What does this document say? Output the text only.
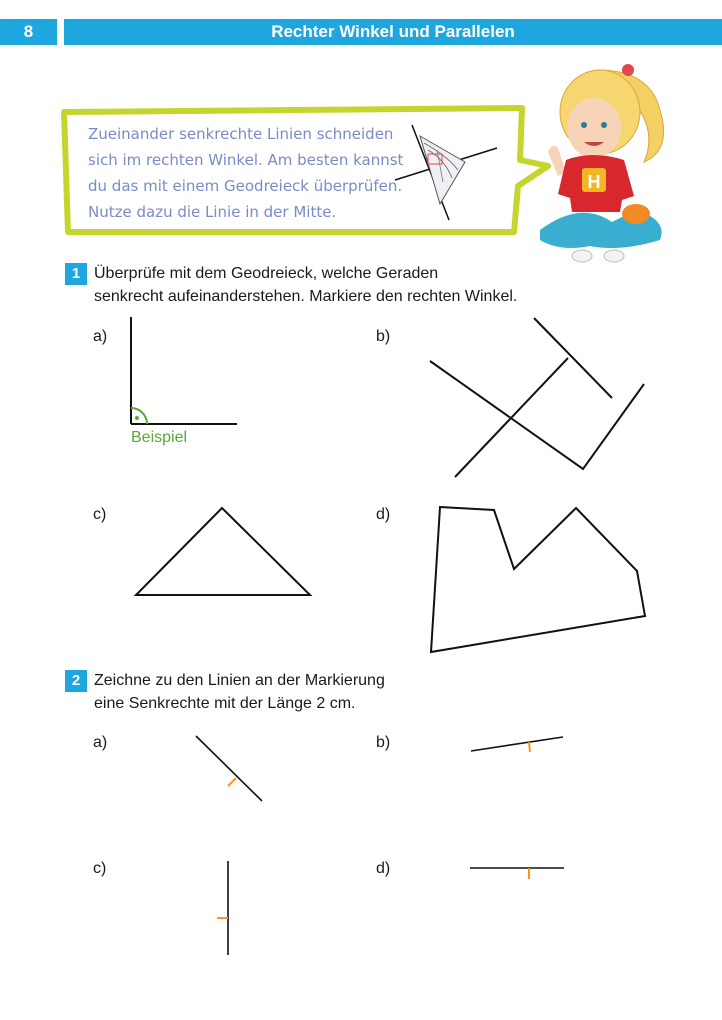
8	Rechter Winkel und Parallelen
H
Zueinander senkrechte Linien schneiden
sich im rechten Winkel. Am besten kannst
du das mit einem Geodreieck überprüfen.
Nutze dazu die Linie in der Mitte.
1 Überprüfe mit dem Geodreieck, welche Geraden
senkrecht aufeinanderstehen. Markiere den rechten Winkel.
a)
Beispiel
b)
c)	d)
2 Zeichne zu den Linien an der Markierung
eine Senkrechte mit der Länge 2 cm.
a)	b)
c)	d)
